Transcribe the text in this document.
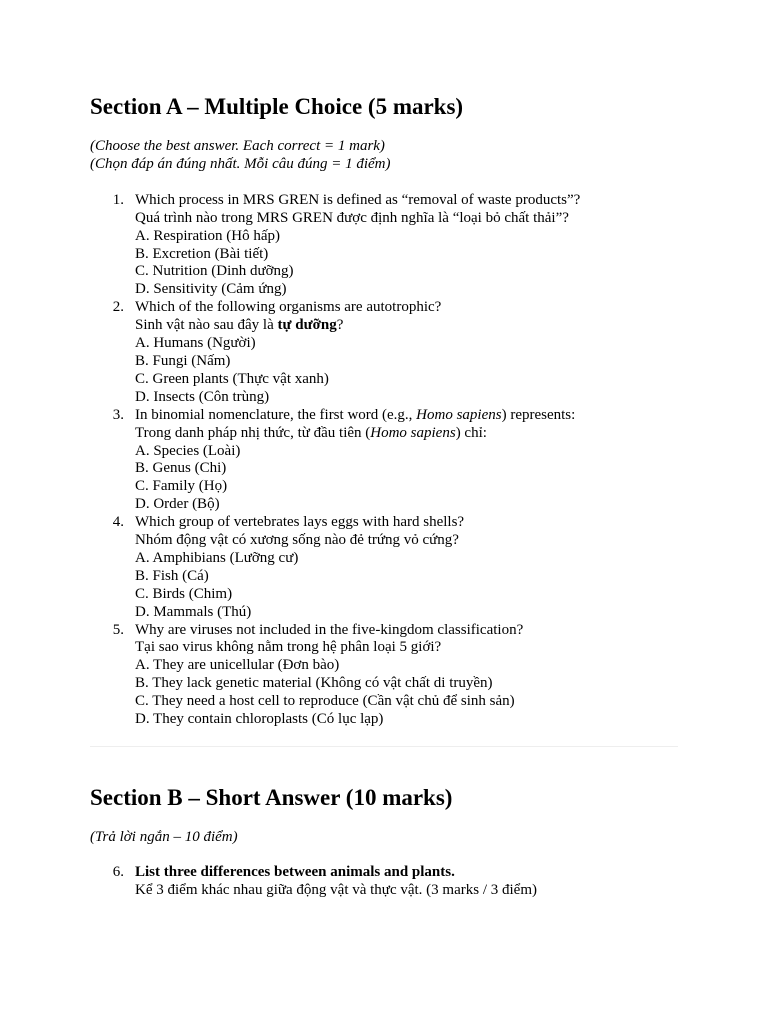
Section A – Multiple Choice (5 marks)

(Choose the best answer. Each correct = 1 mark)

(Chọn đáp án đúng nhất. Mỗi câu đúng = 1 điểm)

1. Which process in MRS GREN is defined as “removal of waste products”?
Quá trình nào trong MRS GREN được định nghĩa là “loại bỏ chất thải”?
A. Respiration (Hô hấp)
B. Excretion (Bài tiết)
C. Nutrition (Dinh dưỡng)
D. Sensitivity (Cảm ứng)
2. Which of the following organisms are autotrophic?
Sinh vật nào sau đây là tự dưỡng?
A. Humans (Người)
B. Fungi (Nấm)
C. Green plants (Thực vật xanh)
D. Insects (Côn trùng)
3. In binomial nomenclature, the first word (e.g., Homo sapiens) represents:
Trong danh pháp nhị thức, từ đầu tiên (Homo sapiens) chỉ:
A. Species (Loài)
B. Genus (Chi)
C. Family (Họ)
D. Order (Bộ)
4. Which group of vertebrates lays eggs with hard shells?
Nhóm động vật có xương sống nào đẻ trứng vỏ cứng?
A. Amphibians (Lưỡng cư)
B. Fish (Cá)
C. Birds (Chim)
D. Mammals (Thú)
5. Why are viruses not included in the five-kingdom classification?
Tại sao virus không nằm trong hệ phân loại 5 giới?
A. They are unicellular (Đơn bào)
B. They lack genetic material (Không có vật chất di truyền)
C. They need a host cell to reproduce (Cần vật chủ để sinh sản)
D. They contain chloroplasts (Có lục lạp)
Section B – Short Answer (10 marks)

(Trả lời ngắn – 10 điểm)

6. List three differences between animals and plants.
Kể 3 điểm khác nhau giữa động vật và thực vật. (3 marks / 3 điểm)
